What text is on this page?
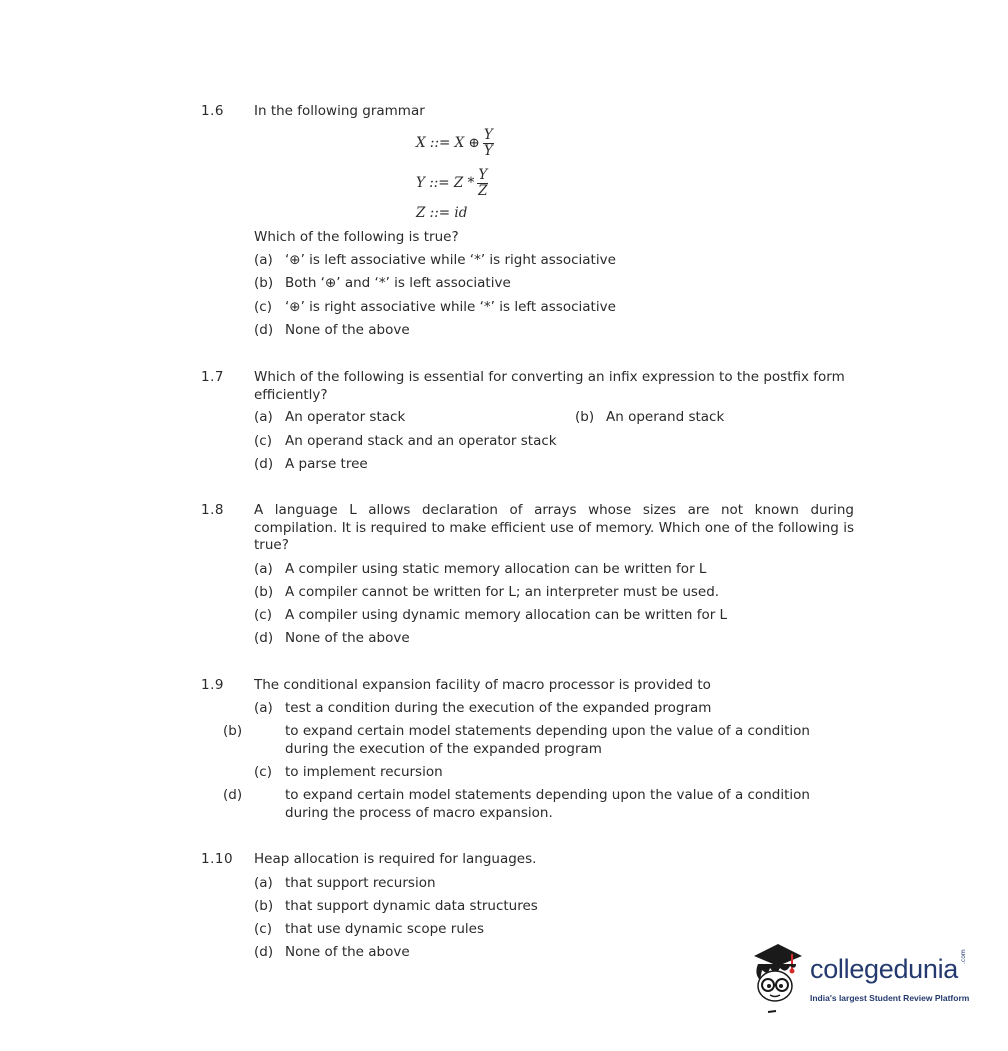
1.6 In the following grammar
X ::= X ⊕ $\frac{Y}{Y}$
Y ::= Z * $\frac{Y}{Z}$
Z ::= id
Which of the following is true?
(a) ‘⊕’ is left associative while ‘*’ is right associative
(b) Both ‘⊕’ and ‘*’ is left associative
(c) ‘⊕’ is right associative while ‘*’ is left associative
(d) None of the above
1.7 Which of the following is essential for converting an infix expression to the postfix form efficiently?
(a) An operator stack	(b) An operand stack
(c) An operand stack and an operator stack
(d) A parse tree
1.8 A language L allows declaration of arrays whose sizes are not known during compilation. It is required to make efficient use of memory. Which one of the following is true?
(a) A compiler using static memory allocation can be written for L
(b) A compiler cannot be written for L; an interpreter must be used.
(c) A compiler using dynamic memory allocation can be written for L
(d) None of the above
1.9 The conditional expansion facility of macro processor is provided to
(a) test a condition during the execution of the expanded program
(b)	to expand certain model statements depending upon the value of a condition during the execution of the expanded program
(c) to implement recursion
(d)	to expand certain model statements depending upon the value of a condition during the process of macro expansion.
1.10 Heap allocation is required for languages.
(a) that support recursion
(b) that support dynamic data structures
(c) that use dynamic scope rules
(d) None of the above
collegedunia .com
India's largest Student Review Platform
